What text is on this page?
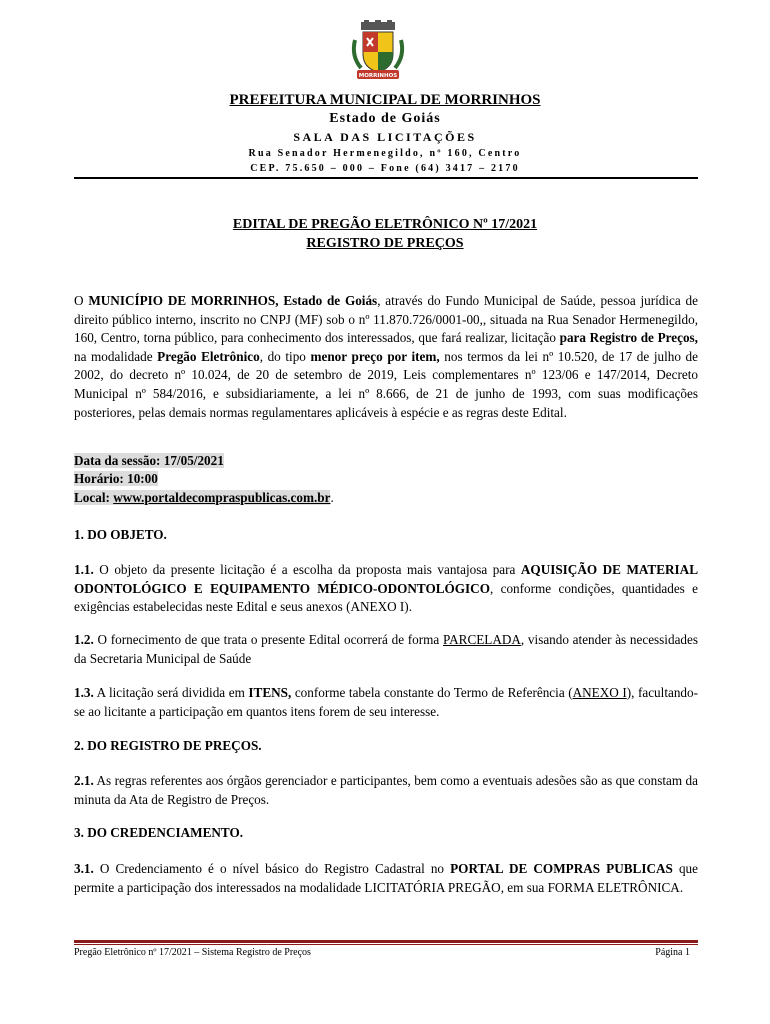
MORRINHOS
PREFEITURA MUNICIPAL DE MORRINHOS
Estado de Goiás
SALA DAS LICITAÇÕES
Rua Senador Hermenegildo, nº 160, Centro
CEP. 75.650 – 000 – Fone (64) 3417 – 2170
EDITAL DE PREGÃO ELETRÔNICO Nº 17/2021
REGISTRO DE PREÇOS
O MUNICÍPIO DE MORRINHOS, Estado de Goiás, através do Fundo Municipal de Saúde, pessoa jurídica de direito público interno, inscrito no CNPJ (MF) sob o nº 11.870.726/0001-00,, situada na Rua Senador Hermenegildo, 160, Centro, torna público, para conhecimento dos interessados, que fará realizar, licitação para Registro de Preços, na modalidade Pregão Eletrônico, do tipo menor preço por item, nos termos da lei nº 10.520, de 17 de julho de 2002, do decreto nº 10.024, de 20 de setembro de 2019, Leis complementares nº 123/06 e 147/2014, Decreto Municipal nº 584/2016, e subsidiariamente, a lei nº 8.666, de 21 de junho de 1993, com suas modificações posteriores, pelas demais normas regulamentares aplicáveis à espécie e as regras deste Edital.
Data da sessão: 17/05/2021
Horário: 10:00
Local: www.portaldecompraspublicas.com.br.
1. DO OBJETO.
1.1. O objeto da presente licitação é a escolha da proposta mais vantajosa para AQUISIÇÃO DE MATERIAL ODONTOLÓGICO E EQUIPAMENTO MÉDICO-ODONTOLÓGICO, conforme condições, quantidades e exigências estabelecidas neste Edital e seus anexos (ANEXO I).
1.2. O fornecimento de que trata o presente Edital ocorrerá de forma PARCELADA, visando atender às necessidades da Secretaria Municipal de Saúde
1.3. A licitação será dividida em ITENS, conforme tabela constante do Termo de Referência (ANEXO I), facultando-se ao licitante a participação em quantos itens forem de seu interesse.
2. DO REGISTRO DE PREÇOS.
2.1. As regras referentes aos órgãos gerenciador e participantes, bem como a eventuais adesões são as que constam da minuta da Ata de Registro de Preços.
3. DO CREDENCIAMENTO.
3.1. O Credenciamento é o nível básico do Registro Cadastral no PORTAL DE COMPRAS PUBLICAS que permite a participação dos interessados na modalidade LICITATÓRIA PREGÃO, em sua FORMA ELETRÔNICA.
Pregão Eletrônico nº 17/2021 – Sistema Registro de Preços	Página 1
